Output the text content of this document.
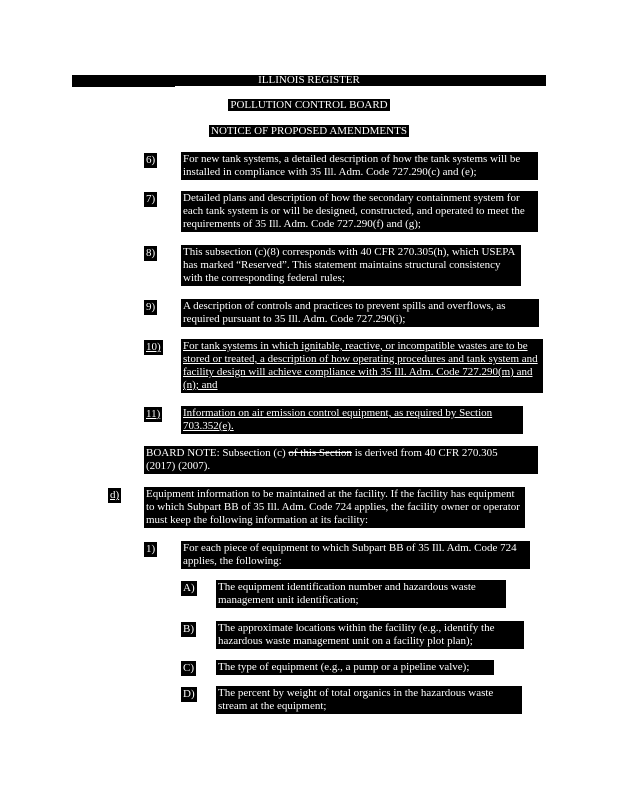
ILLINOIS REGISTER
POLLUTION CONTROL BOARD
NOTICE OF PROPOSED AMENDMENTS
6)	For new tank systems, a detailed description of how the tank systems will be installed in compliance with 35 Ill. Adm. Code 727.290(c) and (e);
7)	Detailed plans and description of how the secondary containment system for each tank system is or will be designed, constructed, and operated to meet the requirements of 35 Ill. Adm. Code 727.290(f) and (g);
8)	This subsection (c)(8) corresponds with 40 CFR 270.305(h), which USEPA has marked “Reserved”. This statement maintains structural consistency with the corresponding federal rules;
9)	A description of controls and practices to prevent spills and overflows, as required pursuant to 35 Ill. Adm. Code 727.290(i);
10) For tank systems in which ignitable, reactive, or incompatible wastes are to be stored or treated, a description of how operating procedures and tank system and facility design will achieve compliance with 35 Ill. Adm. Code 727.290(m) and (n); and
11) Information on air emission control equipment, as required by Section 703.352(e).
BOARD NOTE: Subsection (c) of this Section is derived from 40 CFR 270.305
(2017) (2007).
d) Equipment information to be maintained at the facility. If the facility has equipment to which Subpart BB of 35 Ill. Adm. Code 724 applies, the facility owner or operator must keep the following information at its facility:
1)	For each piece of equipment to which Subpart BB of 35 Ill. Adm. Code 724 applies, the following:
A) The equipment identification number and hazardous waste management unit identification;
B) The approximate locations within the facility (e.g., identify the hazardous waste management unit on a facility plot plan);
C) The type of equipment (e.g., a pump or a pipeline valve);
D) The percent by weight of total organics in the hazardous waste stream at the equipment;
